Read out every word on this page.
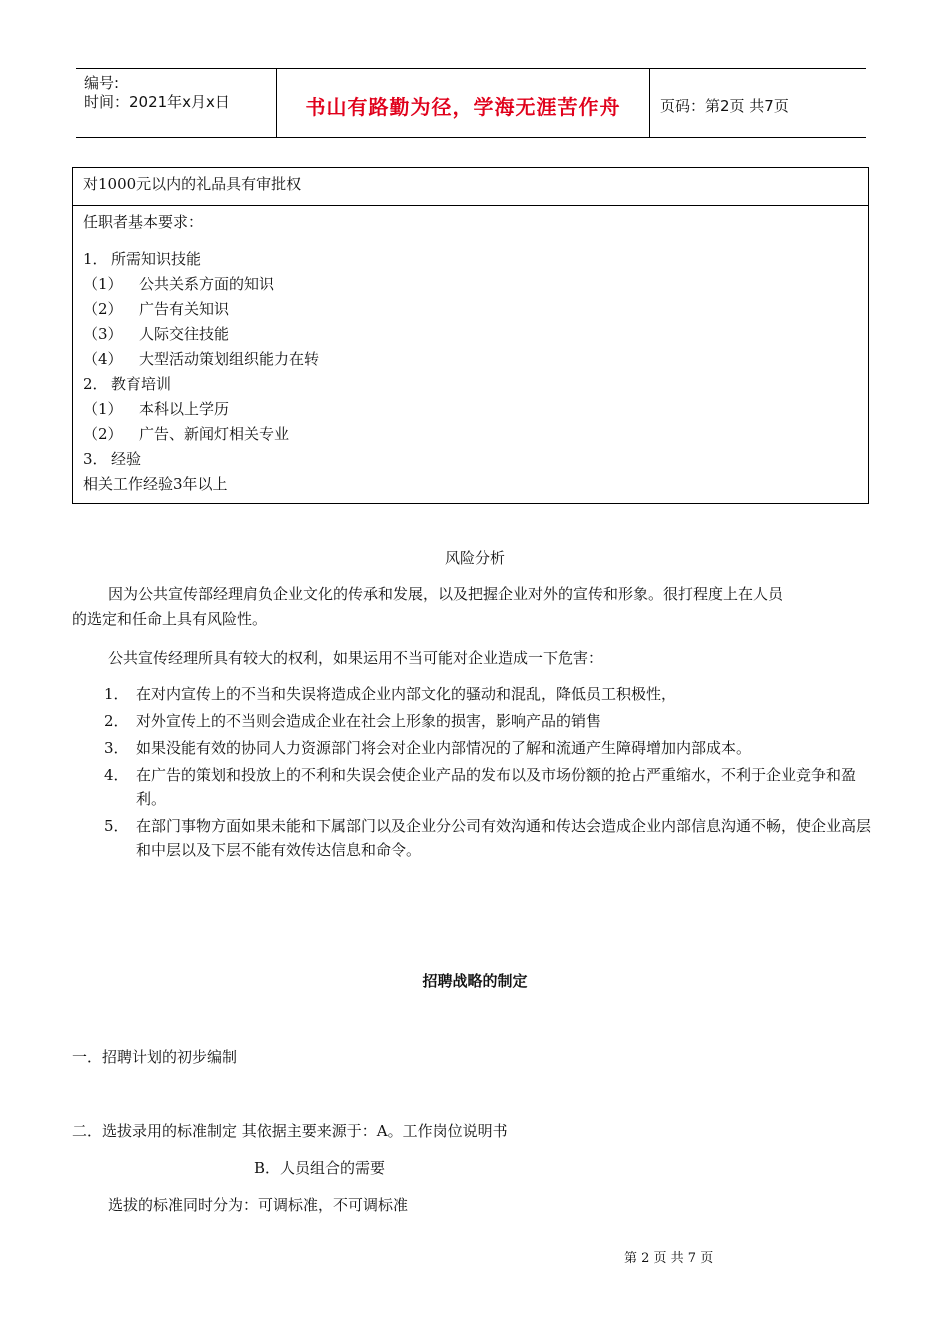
编号:
时间：2021年x月x日	书山有路勤为径，学海无涯苦作舟	页码：第2页 共7页
对1000元以内的礼品具有审批权
任职者基本要求：
1． 所需知识技能
（1） 公共关系方面的知识
（2） 广告有关知识
（3） 人际交往技能
（4） 大型活动策划组织能力在转
2． 教育培训
（1） 本科以上学历
（2） 广告、新闻灯相关专业
3． 经验
相关工作经验3年以上
风险分析
因为公共宣传部经理肩负企业文化的传承和发展，以及把握企业对外的宣传和形象。很打程度上在人员
的选定和任命上具有风险性。
公共宣传经理所具有较大的权利，如果运用不当可能对企业造成一下危害：
1． 在对内宣传上的不当和失误将造成企业内部文化的骚动和混乱，降低员工积极性，
2． 对外宣传上的不当则会造成企业在社会上形象的损害，影响产品的销售
3． 如果没能有效的协同人力资源部门将会对企业内部情况的了解和流通产生障碍增加内部成本。
4． 在广告的策划和投放上的不利和失误会使企业产品的发布以及市场份额的抢占严重缩水，不利于企业竞争和盈利。
5． 在部门事物方面如果未能和下属部门以及企业分公司有效沟通和传达会造成企业内部信息沟通不畅，使企业高层和中层以及下层不能有效传达信息和命令。
招聘战略的制定
一．招聘计划的初步编制
二．选拔录用的标准制定 其依据主要来源于：A。工作岗位说明书
B．人员组合的需要
选拔的标准同时分为：可调标准，不可调标准
第 2 页 共 7 页
